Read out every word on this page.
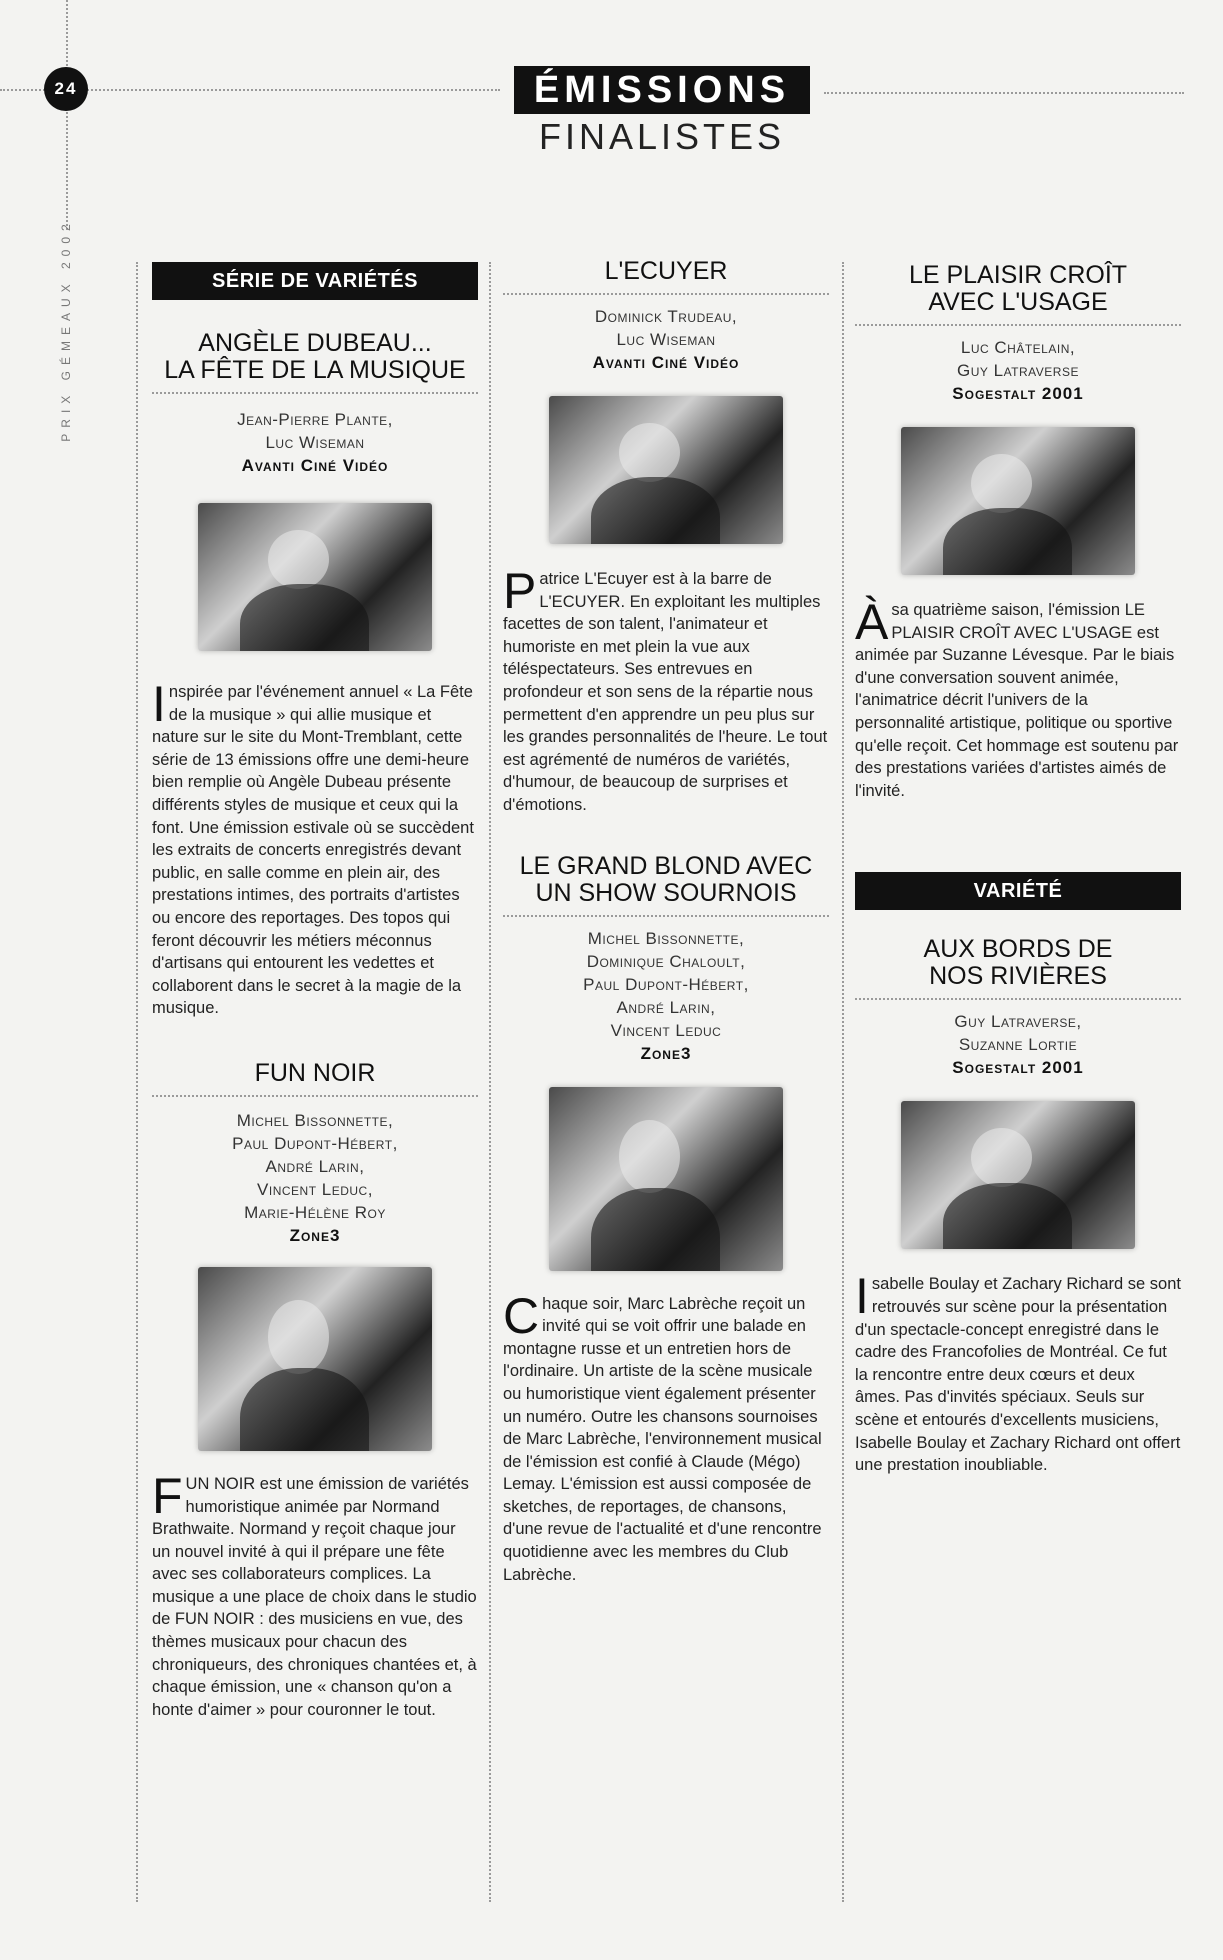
24
PRIX GÉMEAUX 2002
ÉMISSIONS
FINALISTES
SÉRIE DE VARIÉTÉS
ANGÈLE DUBEAU...
LA FÊTE DE LA MUSIQUE
Jean-Pierre Plante,
Luc Wiseman
Avanti Ciné Vidéo
Inspirée par l'événement annuel « La Fête de la musique » qui allie musique et nature sur le site du Mont-Tremblant, cette série de 13 émissions offre une demi-heure bien remplie où Angèle Dubeau présente différents styles de musique et ceux qui la font. Une émission estivale où se succèdent les extraits de concerts enregistrés devant public, en salle comme en plein air, des prestations intimes, des portraits d'artistes ou encore des reportages. Des topos qui feront découvrir les métiers méconnus d'artisans qui entourent les vedettes et collaborent dans le secret à la magie de la musique.
FUN NOIR
Michel Bissonnette,
Paul Dupont-Hébert,
André Larin,
Vincent Leduc,
Marie-Hélène Roy
Zone3
FUN NOIR est une émission de variétés humoristique animée par Normand Brathwaite. Normand y reçoit chaque jour un nouvel invité à qui il prépare une fête avec ses collaborateurs complices. La musique a une place de choix dans le studio de FUN NOIR : des musiciens en vue, des thèmes musicaux pour chacun des chroniqueurs, des chroniques chantées et, à chaque émission, une « chanson qu'on a honte d'aimer » pour couronner le tout.
L'ECUYER
Dominick Trudeau,
Luc Wiseman
Avanti Ciné Vidéo
Patrice L'Ecuyer est à la barre de L'ECUYER. En exploitant les multiples facettes de son talent, l'animateur et humoriste en met plein la vue aux téléspectateurs. Ses entrevues en profondeur et son sens de la répartie nous permettent d'en apprendre un peu plus sur les grandes personnalités de l'heure. Le tout est agrémenté de numéros de variétés, d'humour, de beaucoup de surprises et d'émotions.
LE GRAND BLOND AVEC
UN SHOW SOURNOIS
Michel Bissonnette,
Dominique Chaloult,
Paul Dupont-Hébert,
André Larin,
Vincent Leduc
Zone3
Chaque soir, Marc Labrèche reçoit un invité qui se voit offrir une balade en montagne russe et un entretien hors de l'ordinaire. Un artiste de la scène musicale ou humoristique vient également présenter un numéro. Outre les chansons sournoises de Marc Labrèche, l'environnement musical de l'émission est confié à Claude (Mégo) Lemay. L'émission est aussi composée de sketches, de reportages, de chansons, d'une revue de l'actualité et d'une rencontre quotidienne avec les membres du Club Labrèche.
LE PLAISIR CROÎT
AVEC L'USAGE
Luc Châtelain,
Guy Latraverse
Sogestalt 2001
Àsa quatrième saison, l'émission LE PLAISIR CROÎT AVEC L'USAGE est animée par Suzanne Lévesque. Par le biais d'une conversation souvent animée, l'animatrice décrit l'univers de la personnalité artistique, politique ou sportive qu'elle reçoit. Cet hommage est soutenu par des prestations variées d'artistes aimés de l'invité.
VARIÉTÉ
AUX BORDS DE
NOS RIVIÈRES
Guy Latraverse,
Suzanne Lortie
Sogestalt 2001
Isabelle Boulay et Zachary Richard se sont retrouvés sur scène pour la présentation d'un spectacle-concept enregistré dans le cadre des Francofolies de Montréal. Ce fut la rencontre entre deux cœurs et deux âmes. Pas d'invités spéciaux. Seuls sur scène et entourés d'excellents musiciens, Isabelle Boulay et Zachary Richard ont offert une prestation inoubliable.
